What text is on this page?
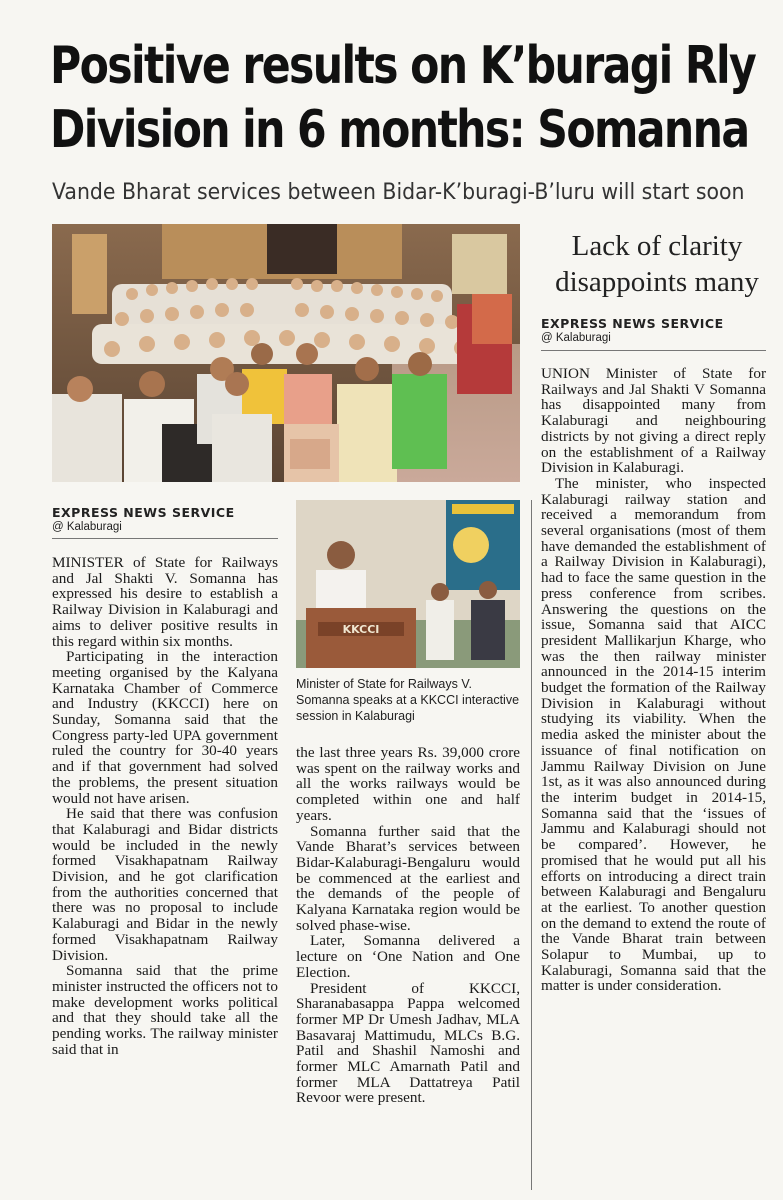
Positive results on K’buragi Rly
Division in 6 months: Somanna
Vande Bharat services between Bidar-K’buragi-B’luru will start soon
EXPRESS NEWS SERVICE
@ Kalaburagi

MINISTER of State for Railways and Jal Shakti V. Somanna has expressed his desire to establish a Railway Division in Kalaburagi and aims to deliver positive results in this regard within six months.

Participating in the interaction meeting organised by the Kalyana Karnataka Chamber of Commerce and Industry (KKCCI) here on Sunday, Somanna said that the Congress party-led UPA government ruled the country for 30-40 years and if that government had solved the problems, the present situation would not have arisen.

He said that there was confusion that Kalaburagi and Bidar districts would be included in the newly formed Visakhapatnam Railway Division, and he got clarification from the authorities concerned that there was no proposal to include Kalaburagi and Bidar in the newly formed Visakhapatnam Railway Division.

Somanna said that the prime minister instructed the officers not to make development works political and that they should take all the pending works. The railway minister said that in

KKCCI
Minister of State for Railways V. Somanna speaks at a KKCCI interactive session in Kalaburagi

the last three years Rs. 39,000 crore was spent on the railway works and all the works railways would be completed within one and half years.

Somanna further said that the Vande Bharat’s services between Bidar-Kalaburagi-Bengaluru would be commenced at the earliest and the demands of the people of Kalyana Karnataka region would be solved phase-wise.

Later, Somanna delivered a lecture on ‘One Nation and One Election.

President of KKCCI, Sharanabasappa Pappa welcomed former MP Dr Umesh Jadhav, MLA Basavaraj Mattimudu, MLCs B.G. Patil and Shashil Namoshi and former MLC Amarnath Patil and former MLA Dattatreya Patil Revoor were present.

Lack of clarity
disappoints many
EXPRESS NEWS SERVICE
@ Kalaburagi

UNION Minister of State for Railways and Jal Shakti V Somanna has disappointed many from Kalaburagi and neighbouring districts by not giving a direct reply on the establishment of a Railway Division in Kalaburagi.

The minister, who inspected Kalaburagi railway station and received a memorandum from several organisations (most of them have demanded the establishment of a Railway Division in Kalaburagi), had to face the same question in the press conference from scribes. Answering the questions on the issue, Somanna said that AICC president Mallikarjun Kharge, who was the then railway minister announced in the 2014-15 interim budget the formation of the Railway Division in Kalaburagi without studying its viability. When the media asked the minister about the issuance of final notification on Jammu Railway Division on June 1st, as it was also announced during the interim budget in 2014-15, Somanna said that the ‘issues of Jammu and Kalaburagi should not be compared’. However, he promised that he would put all his efforts on introducing a direct train between Kalaburagi and Bengaluru at the earliest. To another question on the demand to extend the route of the Vande Bharat train between Solapur to Mumbai, up to Kalaburagi, Somanna said that the matter is under consideration.
